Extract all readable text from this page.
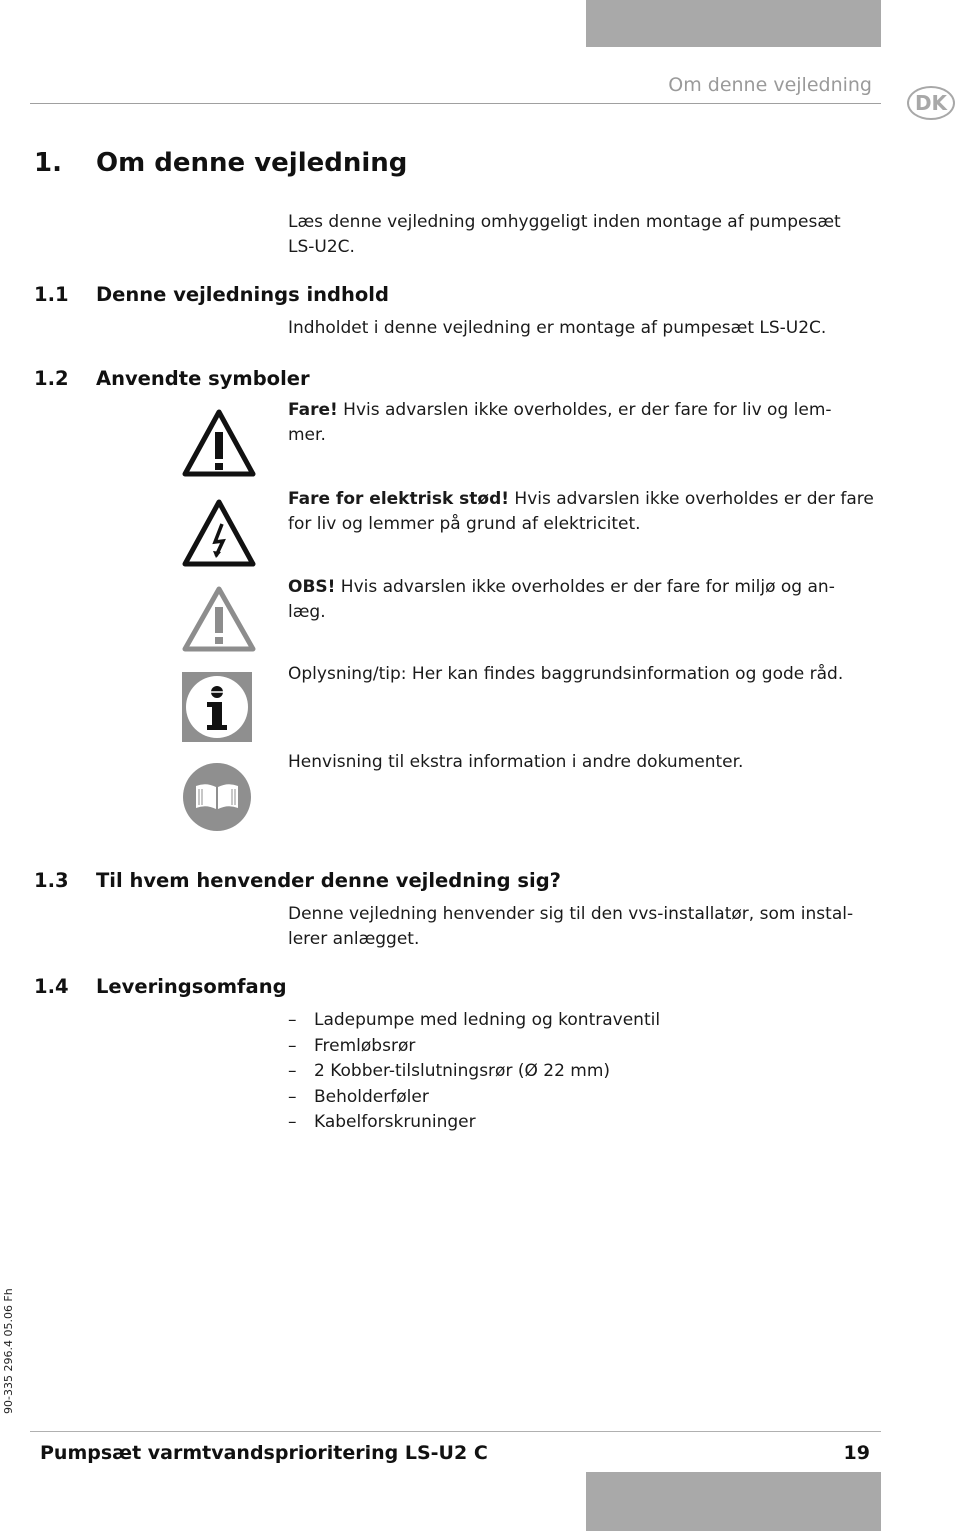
Om denne vejledning
DK
1. Om denne vejledning
Læs denne vejledning omhyggeligt inden montage af pumpesæt
LS-U2C.
1.1 Denne vejlednings indhold
Indholdet i denne vejledning er montage af pumpesæt LS-U2C.
1.2 Anvendte symboler
Fare! Hvis advarslen ikke overholdes, er der fare for liv og lem-
mer.
Fare for elektrisk stød! Hvis advarslen ikke overholdes er der fare
for liv og lemmer på grund af elektricitet.
OBS! Hvis advarslen ikke overholdes er der fare for miljø og an-
læg.
Oplysning/tip: Her kan findes baggrundsinformation og gode råd.
Henvisning til ekstra information i andre dokumenter.
1.3 Til hvem henvender denne vejledning sig?
Denne vejledning henvender sig til den vvs-installatør, som instal-
lerer anlægget.
1.4 Leveringsomfang
– Ladepumpe med ledning og kontraventil
– Fremløbsrør
– 2 Kobber-tilslutningsrør (Ø 22 mm)
– Beholderføler
– Kabelforskruninger
90-335 296.4 05.06 Fh
Pumpsæt varmtvandsprioritering LS-U2 C	19
